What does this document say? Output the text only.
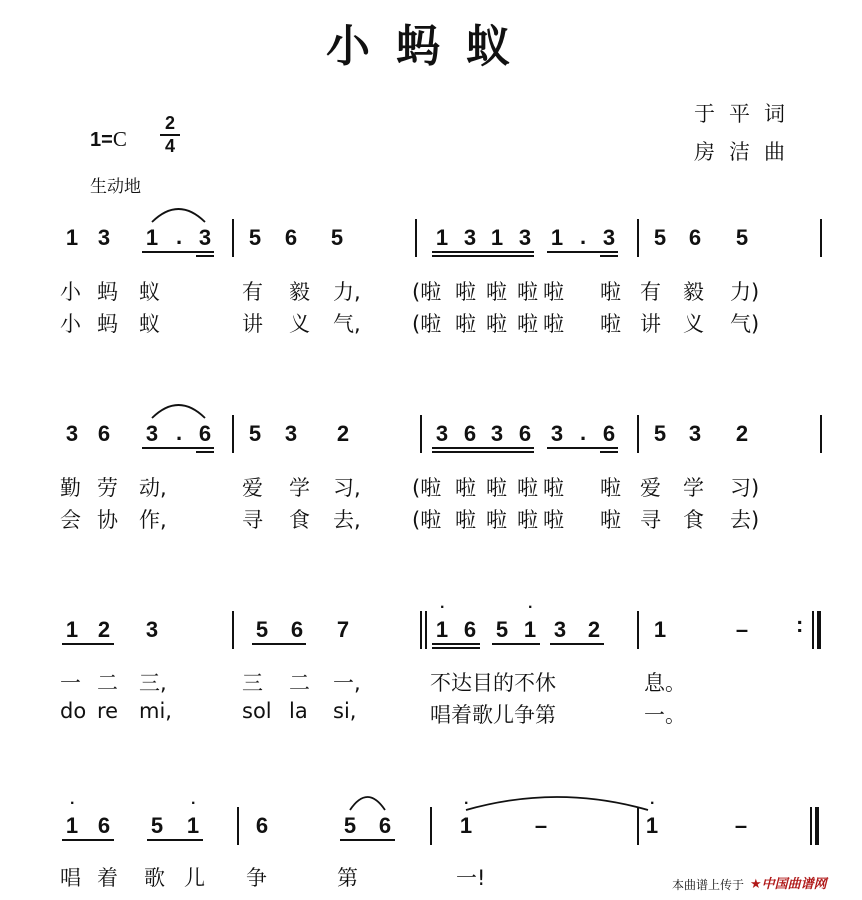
小蚂蚁
于平词
房洁曲
1=C
2
4
生动地
1 3 1 . 3 5 6 5	1 3 1 3 1 . 3 5 6 5
3 6 3 . 6 5 3 2	3 6 3 6 3 . 6 5 3 2
1 2 3	5 6 7	1
·
6 5 1
·
3 2 1	– :
1
·
6 5 1
·
6	5 6	1
·
–	1
·
–
小 蚂 蚁	有 毅 力, (啦 啦 啦 啦 啦 啦 有 毅 力)
小 蚂 蚁	讲 义 气, (啦 啦 啦 啦 啦 啦 讲 义 气)
勤 劳 动,	爱 学 习, (啦 啦 啦 啦 啦 啦 爱 学 习)
会 协 作,	寻 食 去, (啦 啦 啦 啦 啦 啦 寻 食 去)
一 二 三,	三 二 一,	不达目的不休	息。
do re mi,	sol la si,	唱着歌儿争第	一。
唱 着 歌 儿 争	第	一!	本曲谱上传于 ★中国曲谱网
